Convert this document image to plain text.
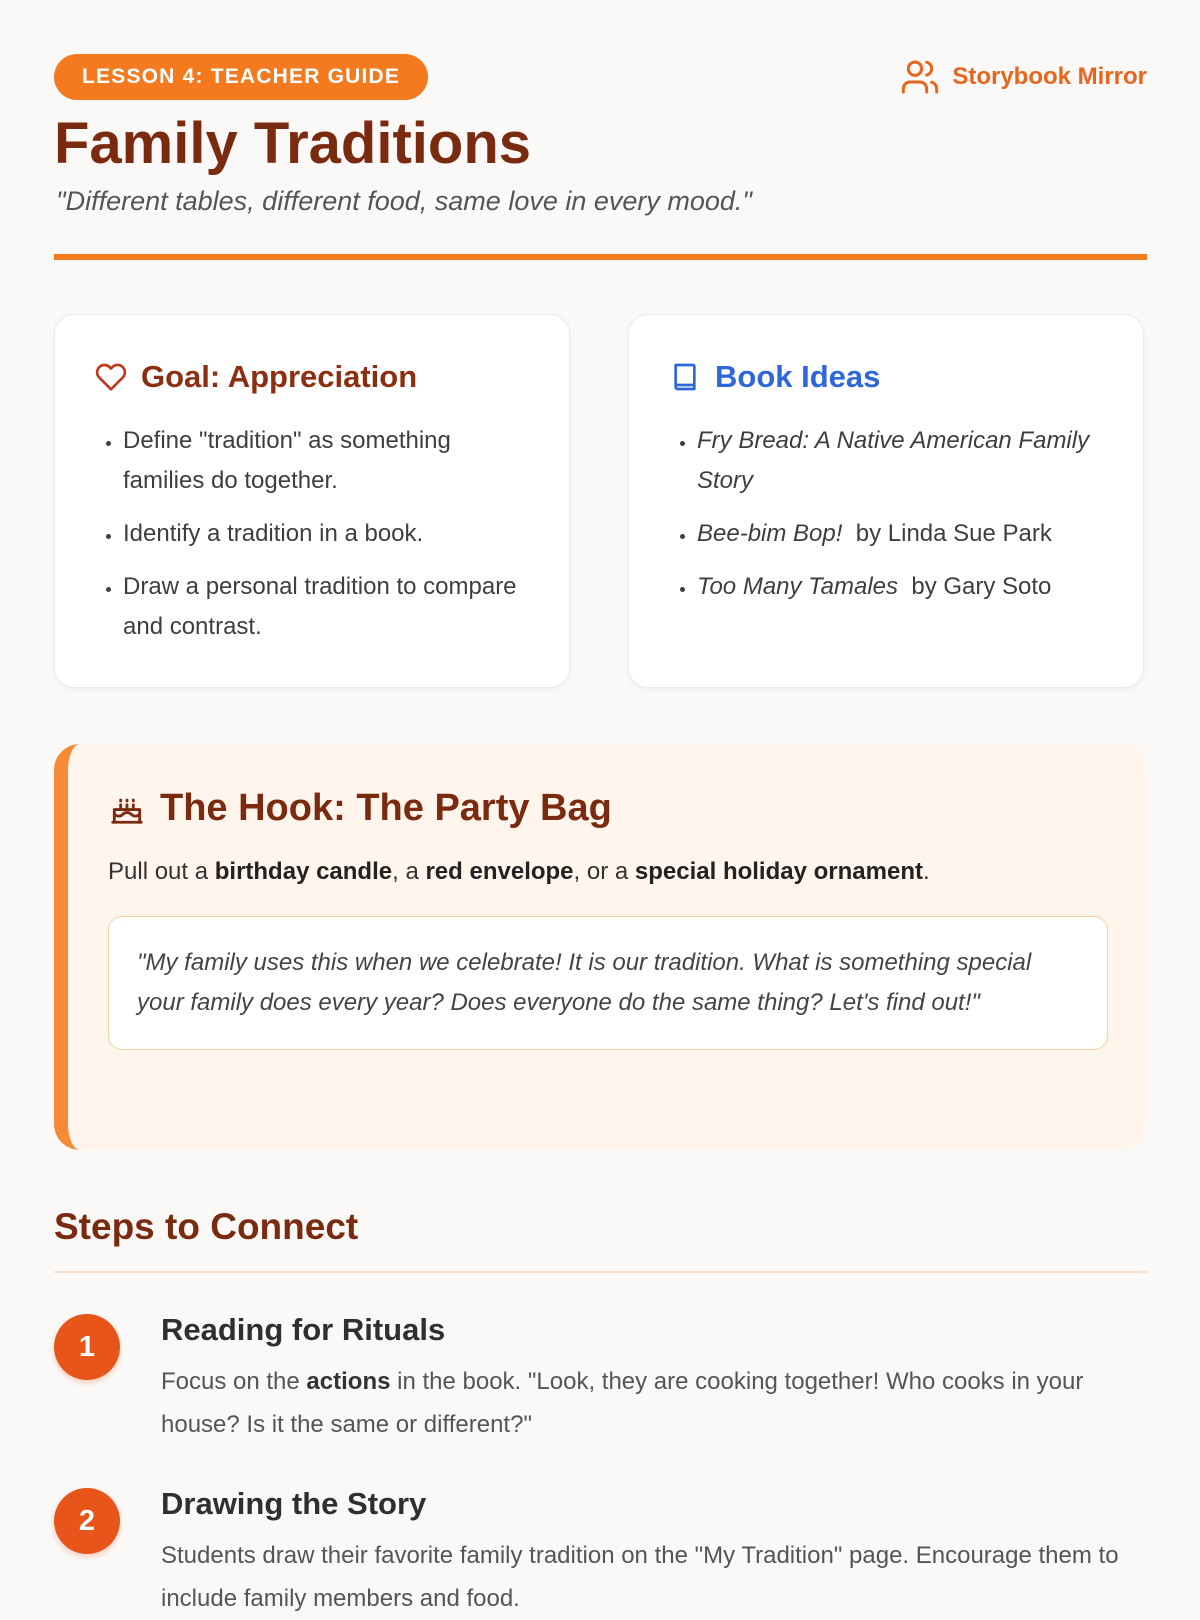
LESSON 4: TEACHER GUIDE	Storybook Mirror
Family Traditions
"Different tables, different food, same love in every mood."
Goal: Appreciation
• Define "tradition" as something families do together.
• Identify a tradition in a book.
• Draw a personal tradition to compare and contrast.
Book Ideas
• Fry Bread: A Native American Family Story
• Bee-bim Bop! by Linda Sue Park
• Too Many Tamales by Gary Soto
The Hook: The Party Bag
Pull out a birthday candle, a red envelope, or a special holiday ornament.
"My family uses this when we celebrate! It is our tradition. What is something special your family does every year? Does everyone do the same thing? Let's find out!"
Steps to Connect
1	Reading for Rituals
Focus on the actions in the book. "Look, they are cooking together! Who cooks in your house? Is it the same or different?"
2	Drawing the Story
Students draw their favorite family tradition on the "My Tradition" page. Encourage them to include family members and food.
